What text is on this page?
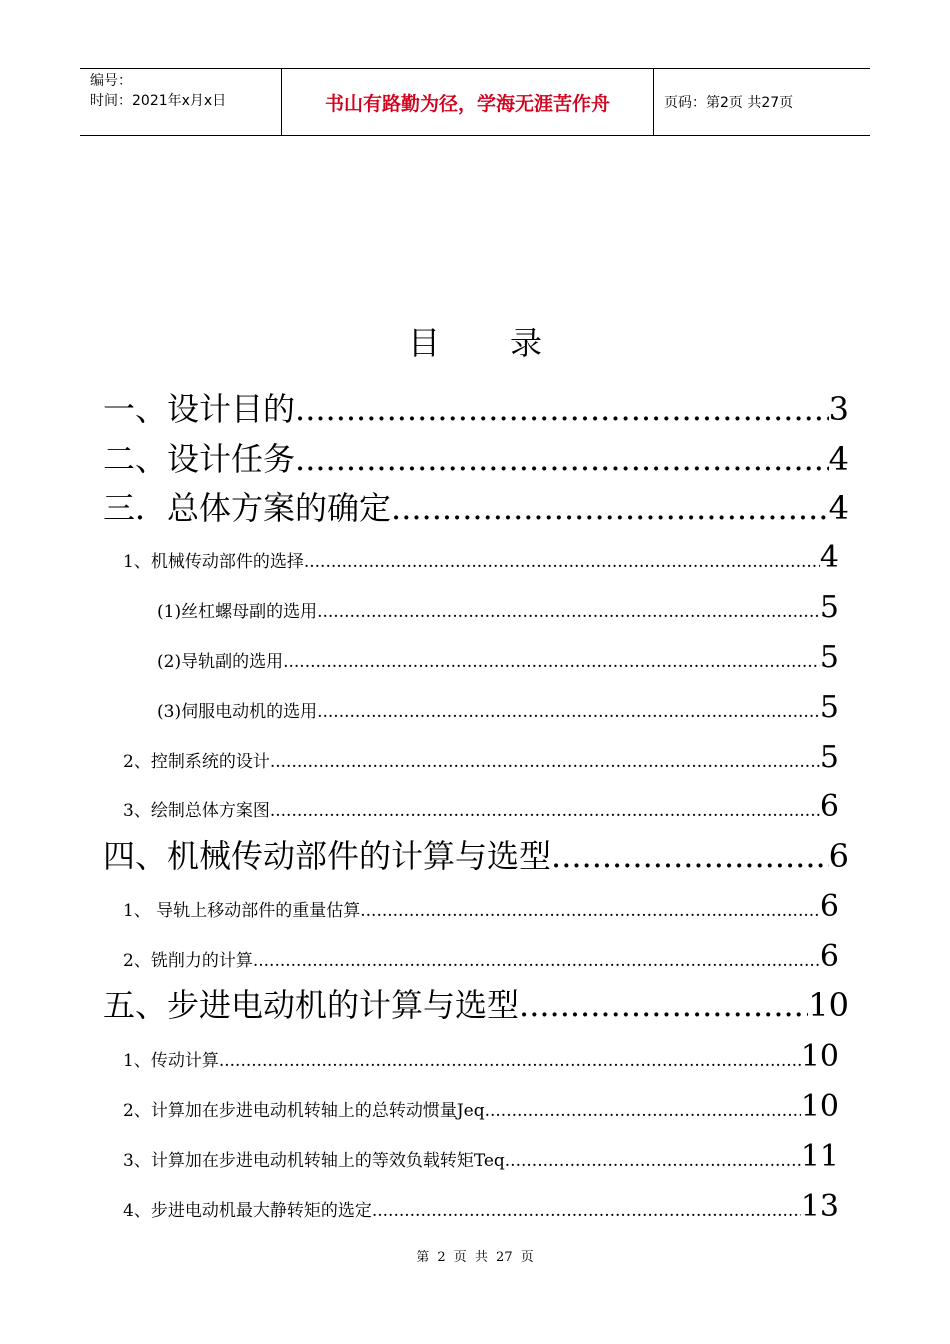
编号：
时间：2021年x月x日	书山有路勤为径，学海无涯苦作舟	页码：第2页 共27页
目录
一、设计目的 .....	3
二、设计任务 .....	4
三．总体方案的确定 .....	4
1、机械传动部件的选择 .....	4
(1)丝杠螺母副的选用 .....	5
(2)导轨副的选用 .....	5
(3)伺服电动机的选用 .....	5
2、控制系统的设计 .....	5
3、绘制总体方案图 .....	6
四、机械传动部件的计算与选型 .....	6
1、 导轨上移动部件的重量估算 .....	6
2、铣削力的计算 .....	6
五、步进电动机的计算与选型 .....	10
1、传动计算 .....	10
2、计算加在步进电动机转轴上的总转动惯量Jeq .....	10
3、计算加在步进电动机转轴上的等效负载转矩Teq .....	11
4、步进电动机最大静转矩的选定 .....	13
第 2 页 共 27 页
